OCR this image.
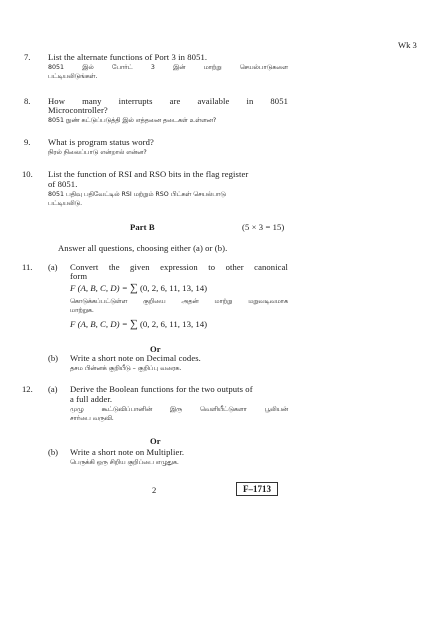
Wk 3
7. List the alternate functions of Port 3 in 8051.
8051 இல் போர்ட் 3 இன் மாற்று செயல்பாடுகளை
பட்டியலிடுங்கள்.
8. How many interrupts are available in 8051
Microcontroller?
8051 நுண் கட்டுப்படுத்தி இல் எத்தனை தடைகள் உள்ளன?
9. What is program status word?
நிரல் நிலைப்பாடு என்றால் என்ன?
10. List the function of RSI and RSO bits in the flag register
of 8051.
8051 பதிவு பதிவேட்டில் RSI மற்றும் RSO பிட்கள் செயல்பாடு
பட்டியலிடு.
Part B	(5 × 3 = 15)
Answer all questions, choosing either (a) or (b).
11. (a) Convert the given expression to other canonical
form
F (A, B, C, D) = ∑ (0, 2, 6, 11, 13, 14)
கொடுக்கப்பட்டுள்ள குறியை அதன் மாற்று மறுவடிவமாக
மாற்றுக.
F (A, B, C, D) = ∑ (0, 2, 6, 11, 13, 14)
Or
(b) Write a short note on Decimal codes.
தசம பின்னக் குறியீடு – குறிப்பு வரைக.
12. (a) Derive the Boolean functions for the two outputs of
a full adder.
முழு கூட்டுவிப்பானின் இரு வெளியீட்டுகளா பூலியன்
சார்பை வருவி.
Or
(b) Write a short note on Multiplier.
பெருக்கி ஒரு சிறிய குறிப்பை எழுதுக.
2	F–1713
